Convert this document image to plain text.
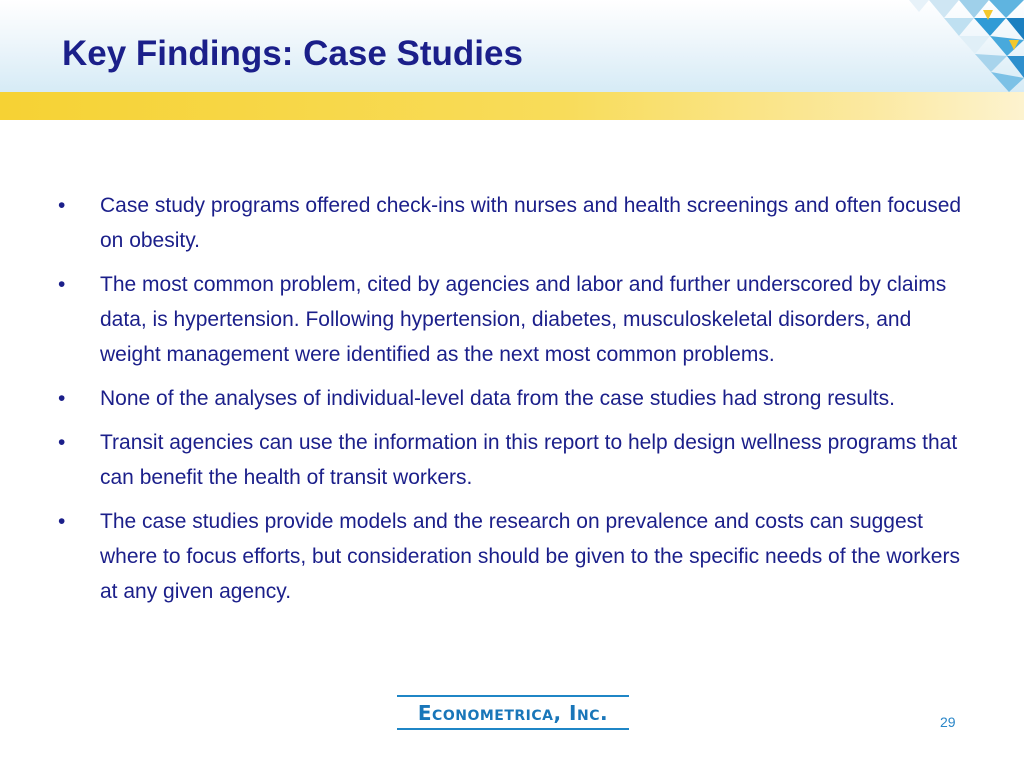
Key Findings: Case Studies
•	Case study programs offered check-ins with nurses and health screenings and often focused on obesity.
•	The most common problem, cited by agencies and labor and further underscored by claims data, is hypertension. Following hypertension, diabetes, musculoskeletal disorders, and weight management were identified as the next most common problems.
•	None of the analyses of individual-level data from the case studies had strong results.
•	Transit agencies can use the information in this report to help design wellness programs that can benefit the health of transit workers.
•	The case studies provide models and the research on prevalence and costs can suggest where to focus efforts, but consideration should be given to the specific needs of the workers at any given agency.
Econometrica, Inc.	29
